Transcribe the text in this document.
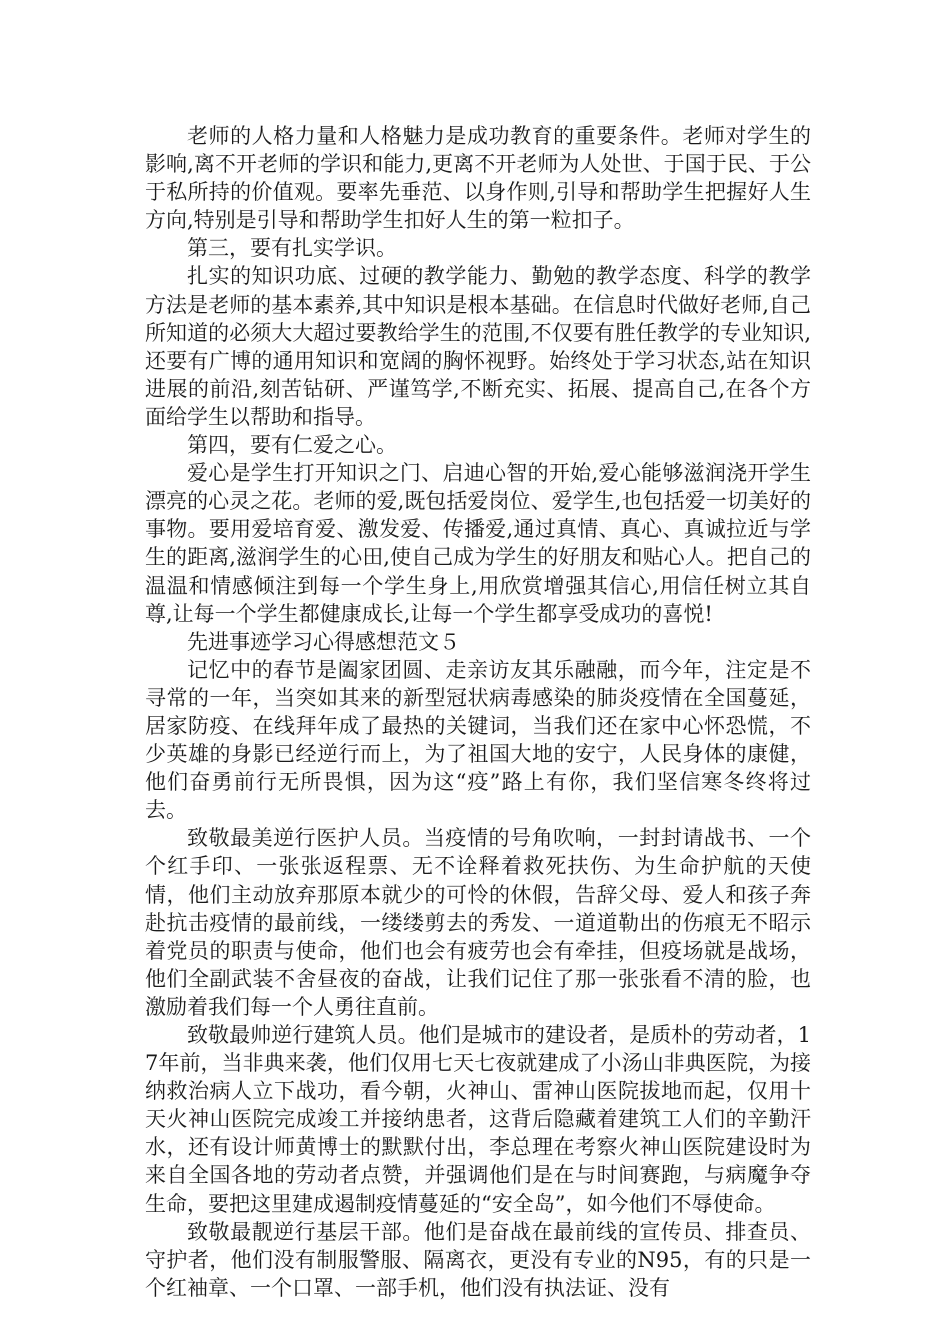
老师的人格力量和人格魅力是成功教育的重要条件。老师对学生的影响,离不开老师的学识和能力,更离不开老师为人处世、于国于民、于公于私所持的价值观。要率先垂范、以身作则,引导和帮助学生把握好人生方向,特别是引导和帮助学生扣好人生的第一粒扣子。

第三，要有扎实学识。

扎实的知识功底、过硬的教学能力、勤勉的教学态度、科学的教学方法是老师的基本素养,其中知识是根本基础。在信息时代做好老师,自己所知道的必须大大超过要教给学生的范围,不仅要有胜任教学的专业知识,还要有广博的通用知识和宽阔的胸怀视野。始终处于学习状态,站在知识进展的前沿,刻苦钻研、严谨笃学,不断充实、拓展、提高自己,在各个方面给学生以帮助和指导。

第四，要有仁爱之心。

爱心是学生打开知识之门、启迪心智的开始,爱心能够滋润浇开学生漂亮的心灵之花。老师的爱,既包括爱岗位、爱学生,也包括爱一切美好的事物。要用爱培育爱、激发爱、传播爱,通过真情、真心、真诚拉近与学生的距离,滋润学生的心田,使自己成为学生的好朋友和贴心人。把自己的温温和情感倾注到每一个学生身上,用欣赏增强其信心,用信任树立其自尊,让每一个学生都健康成长,让每一个学生都享受成功的喜悦!

先进事迹学习心得感想范文５

记忆中的春节是阖家团圆、走亲访友其乐融融，而今年，注定是不寻常的一年，当突如其来的新型冠状病毒感染的肺炎疫情在全国蔓延，居家防疫、在线拜年成了最热的关键词，当我们还在家中心怀恐慌，不少英雄的身影已经逆行而上，为了祖国大地的安宁，人民身体的康健，他们奋勇前行无所畏惧，因为这“疫”路上有你，我们坚信寒冬终将过去。

致敬最美逆行医护人员。当疫情的号角吹响，一封封请战书、一个个红手印、一张张返程票、无不诠释着救死扶伤、为生命护航的天使情，他们主动放弃那原本就少的可怜的休假，告辞父母、爱人和孩子奔赴抗击疫情的最前线，一缕缕剪去的秀发、一道道勒出的伤痕无不昭示着党员的职责与使命，他们也会有疲劳也会有牵挂，但疫场就是战场，他们全副武装不舍昼夜的奋战，让我们记住了那一张张看不清的脸，也激励着我们每一个人勇往直前。

致敬最帅逆行建筑人员。他们是城市的建设者，是质朴的劳动者，17年前，当非典来袭，他们仅用七天七夜就建成了小汤山非典医院，为接纳救治病人立下战功，看今朝，火神山、雷神山医院拔地而起，仅用十天火神山医院完成竣工并接纳患者，这背后隐藏着建筑工人们的辛勤汗水，还有设计师黄博士的默默付出，李总理在考察火神山医院建设时为来自全国各地的劳动者点赞，并强调他们是在与时间赛跑，与病魔争夺生命，要把这里建成遏制疫情蔓延的“安全岛”，如今他们不辱使命。

致敬最靓逆行基层干部。他们是奋战在最前线的宣传员、排查员、守护者，他们没有制服警服、隔离衣，更没有专业的N95，有的只是一个红袖章、一个口罩、一部手机，他们没有执法证、没有
